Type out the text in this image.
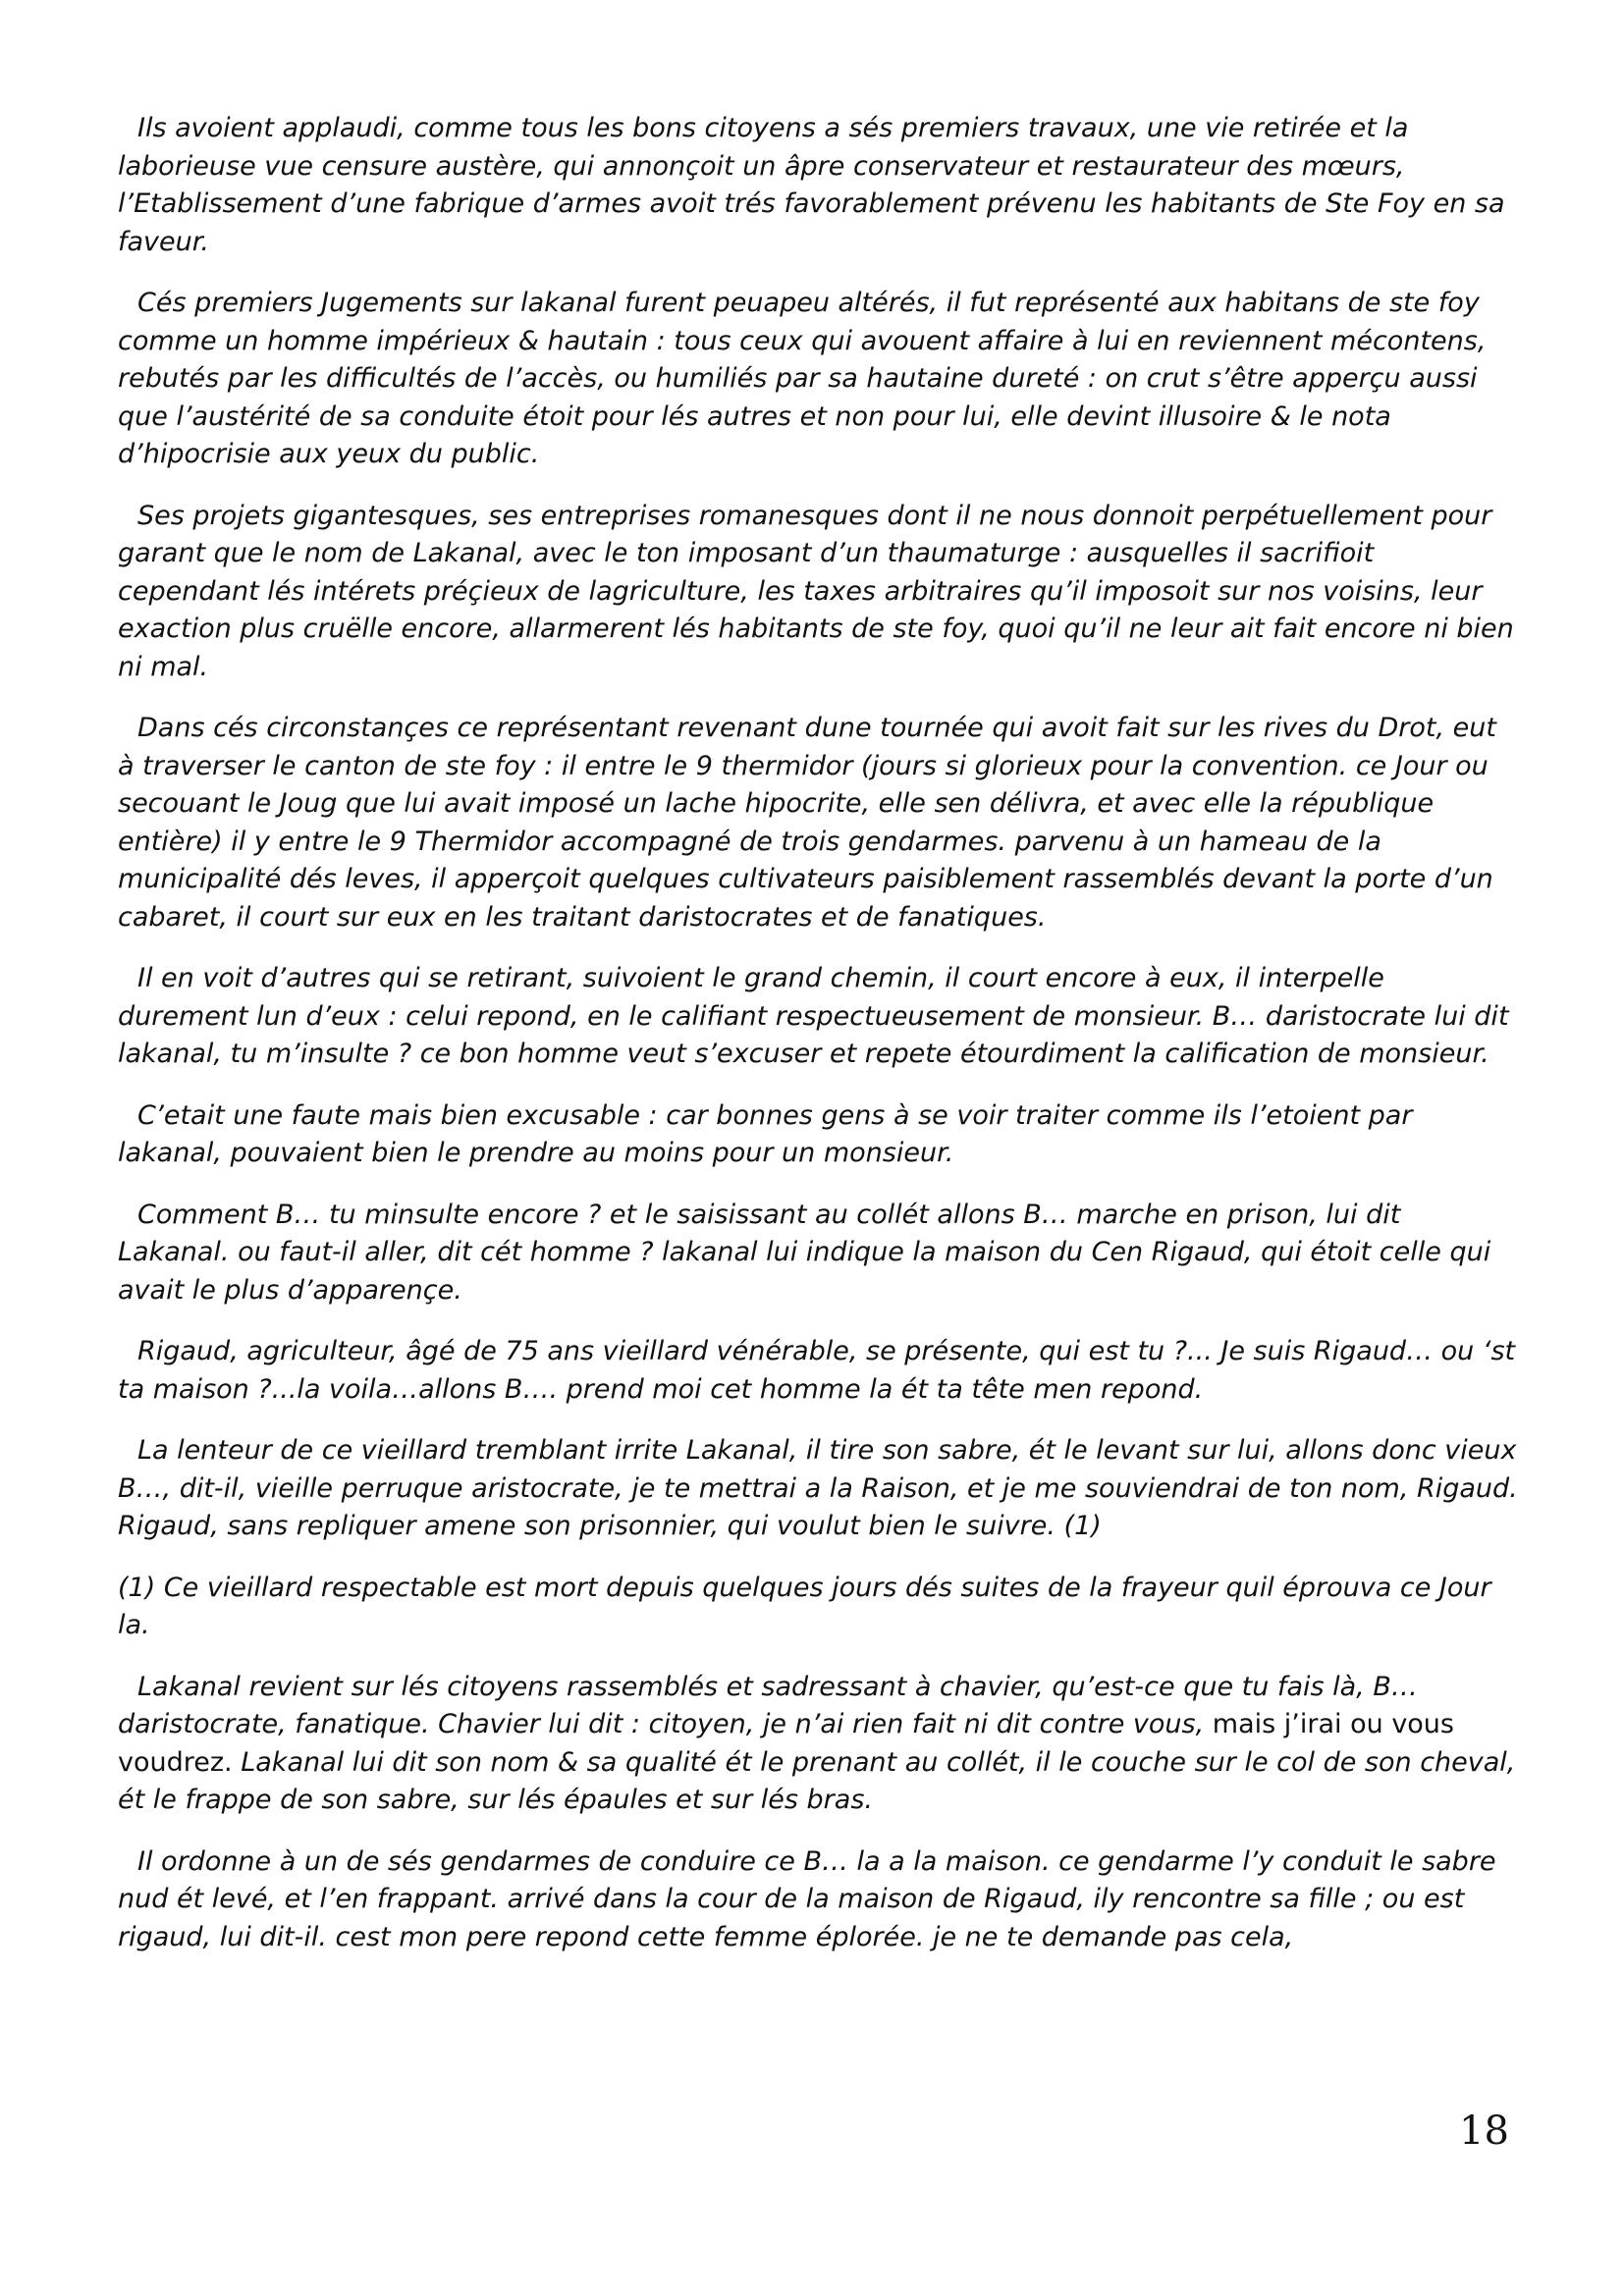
Ils avoient applaudi, comme tous les bons citoyens a sés premiers travaux, une vie retirée et la laborieuse vue censure austère, qui annonçoit un âpre conservateur et restaurateur des mœurs, l’Etablissement d’une fabrique d’armes avoit trés favorablement prévenu les habitants de Ste Foy en sa faveur.

Cés premiers Jugements sur lakanal furent peuapeu altérés, il fut représenté aux habitans de ste foy comme un homme impérieux & hautain : tous ceux qui avouent affaire à lui en reviennent mécontens, rebutés par les difficultés de l’accès, ou humiliés par sa hautaine dureté : on crut s’être apperçu aussi que l’austérité de sa conduite étoit pour lés autres et non pour lui, elle devint illusoire & le nota d’hipocrisie aux yeux du public.

Ses projets gigantesques, ses entreprises romanesques dont il ne nous donnoit perpétuellement pour garant que le nom de Lakanal, avec le ton imposant d’un thaumaturge : ausquelles il sacrifioit cependant lés intérets préçieux de lagriculture, les taxes arbitraires qu’il imposoit sur nos voisins, leur exaction plus cruëlle encore, allarmerent lés habitants de ste foy, quoi qu’il ne leur ait fait encore ni bien ni mal.

Dans cés circonstançes ce représentant revenant dune tournée qui avoit fait sur les rives du Drot, eut à traverser le canton de ste foy : il entre le 9 thermidor (jours si glorieux pour la convention. ce Jour ou secouant le Joug que lui avait imposé un lache hipocrite, elle sen délivra, et avec elle la république entière) il y entre le 9 Thermidor accompagné de trois gendarmes. parvenu à un hameau de la municipalité dés leves, il apperçoit quelques cultivateurs paisiblement rassemblés devant la porte d’un cabaret, il court sur eux en les traitant daristocrates et de fanatiques.

Il en voit d’autres qui se retirant, suivoient le grand chemin, il court encore à eux, il interpelle durement lun d’eux : celui repond, en le califiant respectueusement de monsieur. B… daristocrate lui dit lakanal, tu m’insulte ? ce bon homme veut s’excuser et repete étourdiment la calification de monsieur.

C’etait une faute mais bien excusable : car bonnes gens à se voir traiter comme ils l’etoient par lakanal, pouvaient bien le prendre au moins pour un monsieur.

Comment B… tu minsulte encore ? et le saisissant au collét allons B… marche en prison, lui dit Lakanal. ou faut-il aller, dit cét homme ? lakanal lui indique la maison du Cen Rigaud, qui étoit celle qui avait le plus d’apparençe.

Rigaud, agriculteur, âgé de 75 ans vieillard vénérable, se présente, qui est tu ?... Je suis Rigaud… ou ‘st ta maison ?...la voila…allons B…. prend moi cet homme la ét ta tête men repond.

La lenteur de ce vieillard tremblant irrite Lakanal, il tire son sabre, ét le levant sur lui, allons donc vieux B…, dit-il, vieille perruque aristocrate, je te mettrai a la Raison, et je me souviendrai de ton nom, Rigaud. Rigaud, sans repliquer amene son prisonnier, qui voulut bien le suivre. (1)

(1) Ce vieillard respectable est mort depuis quelques jours dés suites de la frayeur quil éprouva ce Jour la.

Lakanal revient sur lés citoyens rassemblés et sadressant à chavier, qu’est-ce que tu fais là, B… daristocrate, fanatique. Chavier lui dit : citoyen, je n’ai rien fait ni dit contre vous, mais j’irai ou vous voudrez. Lakanal lui dit son nom & sa qualité ét le prenant au collét, il le couche sur le col de son cheval, ét le frappe de son sabre, sur lés épaules et sur lés bras.

Il ordonne à un de sés gendarmes de conduire ce B… la a la maison. ce gendarme l’y conduit le sabre nud ét levé, et l’en frappant. arrivé dans la cour de la maison de Rigaud, ily rencontre sa fille ; ou est rigaud, lui dit-il. cest mon pere repond cette femme éplorée. je ne te demande pas cela,

18
